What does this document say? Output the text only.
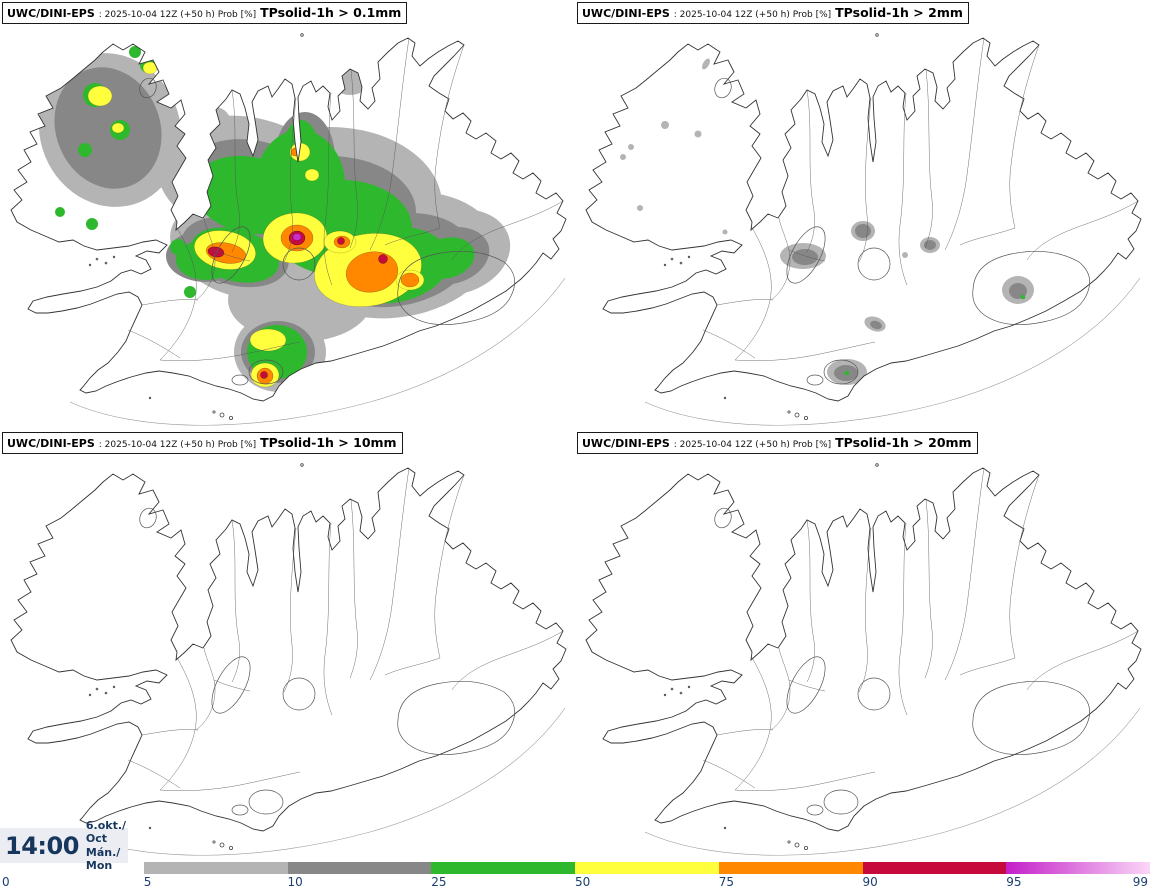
UWC/DINI-EPS : 2025-10-04 12Z (+50 h) Prob [%] TPsolid-1h > 0.1mm	UWC/DINI-EPS : 2025-10-04 12Z (+50 h) Prob [%] TPsolid-1h > 2mm
UWC/DINI-EPS : 2025-10-04 12Z (+50 h) Prob [%] TPsolid-1h > 10mm	UWC/DINI-EPS : 2025-10-04 12Z (+50 h) Prob [%] TPsolid-1h > 20mm
14:00
6.okt./ Oct
Mán./ Mon
0	5	10	25	50	75	90	95	99
